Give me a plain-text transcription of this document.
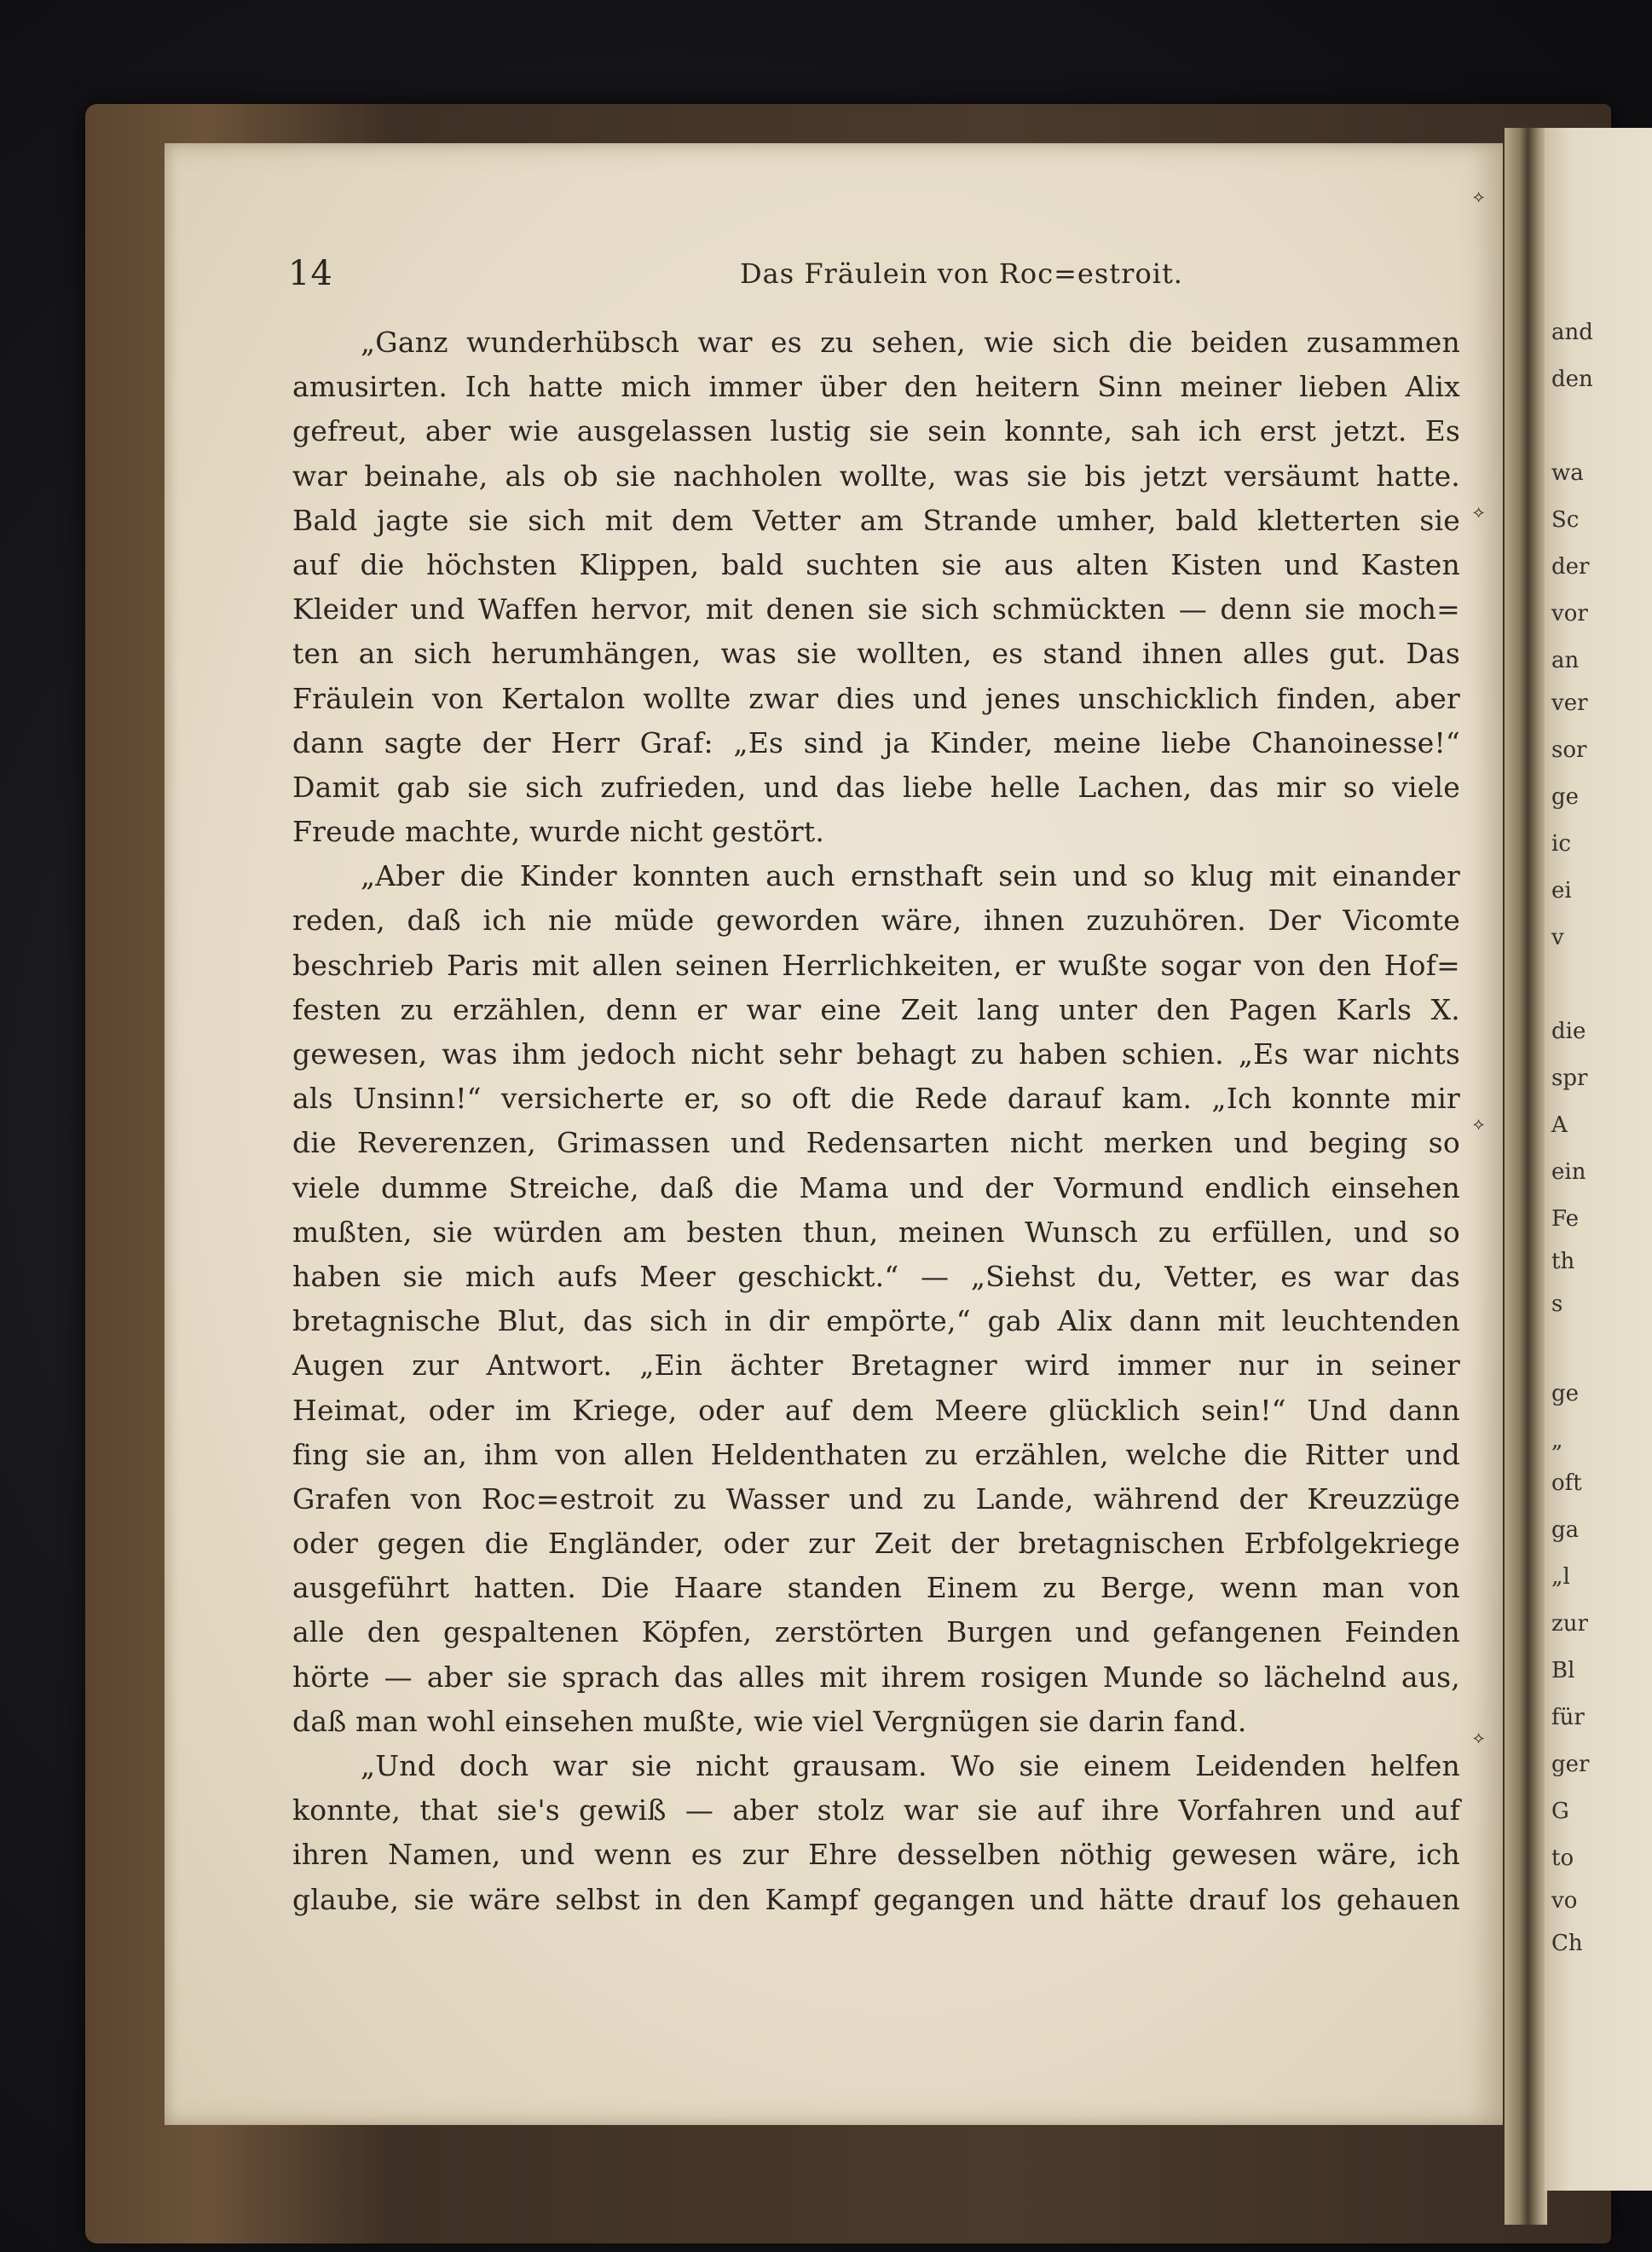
14	Das Fräulein von Roc=estroit.
„Ganz wunderhübsch war es zu sehen, wie sich die beiden zusammen
amusirten. Ich hatte mich immer über den heitern Sinn meiner lieben Alix
gefreut, aber wie ausgelassen lustig sie sein konnte, sah ich erst jetzt. Es
war beinahe, als ob sie nachholen wollte, was sie bis jetzt versäumt hatte.
Bald jagte sie sich mit dem Vetter am Strande umher, bald kletterten sie
auf die höchsten Klippen, bald suchten sie aus alten Kisten und Kasten
Kleider und Waffen hervor, mit denen sie sich schmückten — denn sie moch=
ten an sich herumhängen, was sie wollten, es stand ihnen alles gut. Das
Fräulein von Kertalon wollte zwar dies und jenes unschicklich finden, aber
dann sagte der Herr Graf: „Es sind ja Kinder, meine liebe Chanoinesse!“
Damit gab sie sich zufrieden, und das liebe helle Lachen, das mir so viele
Freude machte, wurde nicht gestört.
„Aber die Kinder konnten auch ernsthaft sein und so klug mit einander
reden, daß ich nie müde geworden wäre, ihnen zuzuhören. Der Vicomte
beschrieb Paris mit allen seinen Herrlichkeiten, er wußte sogar von den Hof=
festen zu erzählen, denn er war eine Zeit lang unter den Pagen Karls X.
gewesen, was ihm jedoch nicht sehr behagt zu haben schien. „Es war nichts
als Unsinn!“ versicherte er, so oft die Rede darauf kam. „Ich konnte mir
die Reverenzen, Grimassen und Redensarten nicht merken und beging so
viele dumme Streiche, daß die Mama und der Vormund endlich einsehen
mußten, sie würden am besten thun, meinen Wunsch zu erfüllen, und so
haben sie mich aufs Meer geschickt.“ — „Siehst du, Vetter, es war das
bretagnische Blut, das sich in dir empörte,“ gab Alix dann mit leuchtenden
Augen zur Antwort. „Ein ächter Bretagner wird immer nur in seiner
Heimat, oder im Kriege, oder auf dem Meere glücklich sein!“ Und dann
fing sie an, ihm von allen Heldenthaten zu erzählen, welche die Ritter und
Grafen von Roc=estroit zu Wasser und zu Lande, während der Kreuzzüge
oder gegen die Engländer, oder zur Zeit der bretagnischen Erbfolgekriege
ausgeführt hatten. Die Haare standen Einem zu Berge, wenn man von
alle den gespaltenen Köpfen, zerstörten Burgen und gefangenen Feinden
hörte — aber sie sprach das alles mit ihrem rosigen Munde so lächelnd aus,
daß man wohl einsehen mußte, wie viel Vergnügen sie darin fand.
„Und doch war sie nicht grausam. Wo sie einem Leidenden helfen
konnte, that sie's gewiß — aber stolz war sie auf ihre Vorfahren und auf
ihren Namen, und wenn es zur Ehre desselben nöthig gewesen wäre, ich
glaube, sie wäre selbst in den Kampf gegangen und hätte drauf los gehauen
and
den
wa
Sc
der
vor
an
ver
sor
ge
ic
ei
v
die
spr
A
ein
Fe
th
s
ge
„
oft
ga
„l
zur
Bl
für
ger
G
to
vo
Ch
⟡
⟡
⟡
⟡
